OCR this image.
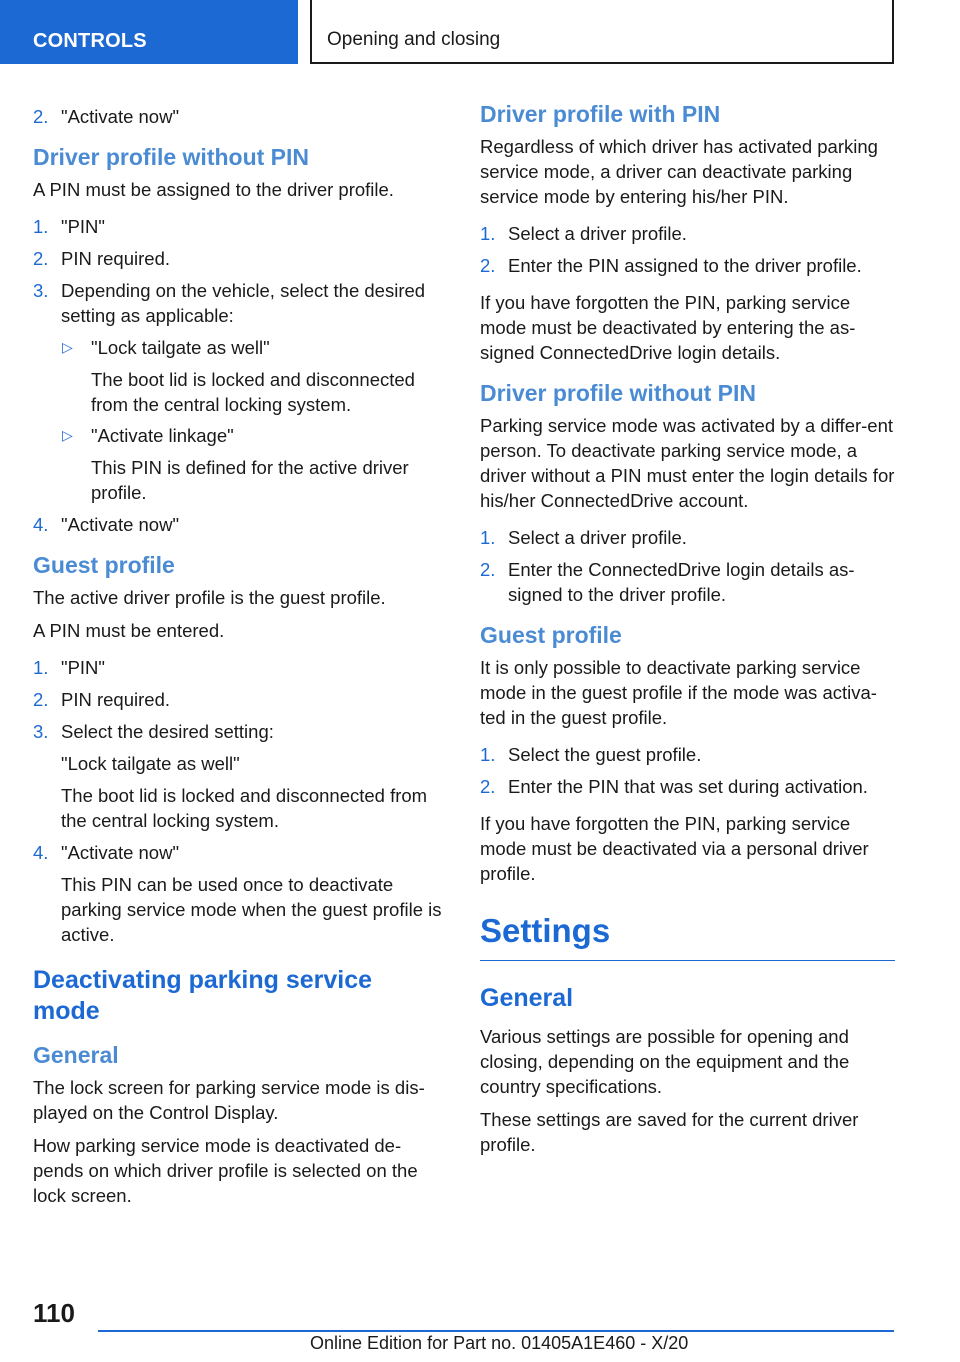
CONTROLS	Opening and closing
2. "Activate now"
Driver profile without PIN

A PIN must be assigned to the driver profile.

1. "PIN"
2. PIN required.
3. Depending on the vehicle, select the desired setting as applicable:
▷ "Lock tailgate as well"
The boot lid is locked and disconnected from the central locking system.
▷ "Activate linkage"
This PIN is defined for the active driver profile.
4. "Activate now"
Guest profile

The active driver profile is the guest profile.

A PIN must be entered.

1. "PIN"
2. PIN required.
3. Select the desired setting:
"Lock tailgate as well"
The boot lid is locked and disconnected from the central locking system.
4. "Activate now"
This PIN can be used once to deactivate parking service mode when the guest profile is active.
Deactivating parking service mode
General

The lock screen for parking service mode is dis‐played on the Control Display.

How parking service mode is deactivated de‐pends on which driver profile is selected on the lock screen.

Driver profile with PIN

Regardless of which driver has activated parking service mode, a driver can deactivate parking service mode by entering his/her PIN.

1. Select a driver profile.
2. Enter the PIN assigned to the driver profile.

If you have forgotten the PIN, parking service mode must be deactivated by entering the as‐signed ConnectedDrive login details.

Driver profile without PIN

Parking service mode was activated by a differ‐ent person. To deactivate parking service mode, a driver without a PIN must enter the login details for his/her ConnectedDrive account.

1. Select a driver profile.
2. Enter the ConnectedDrive login details as‐signed to the driver profile.
Guest profile

It is only possible to deactivate parking service mode in the guest profile if the mode was activa‐ted in the guest profile.

1. Select the guest profile.
2. Enter the PIN that was set during activation.

If you have forgotten the PIN, parking service mode must be deactivated via a personal driver profile.

Settings
General

Various settings are possible for opening and closing, depending on the equipment and the country specifications.

These settings are saved for the current driver profile.

110
Online Edition for Part no. 01405A1E460 - X/20
